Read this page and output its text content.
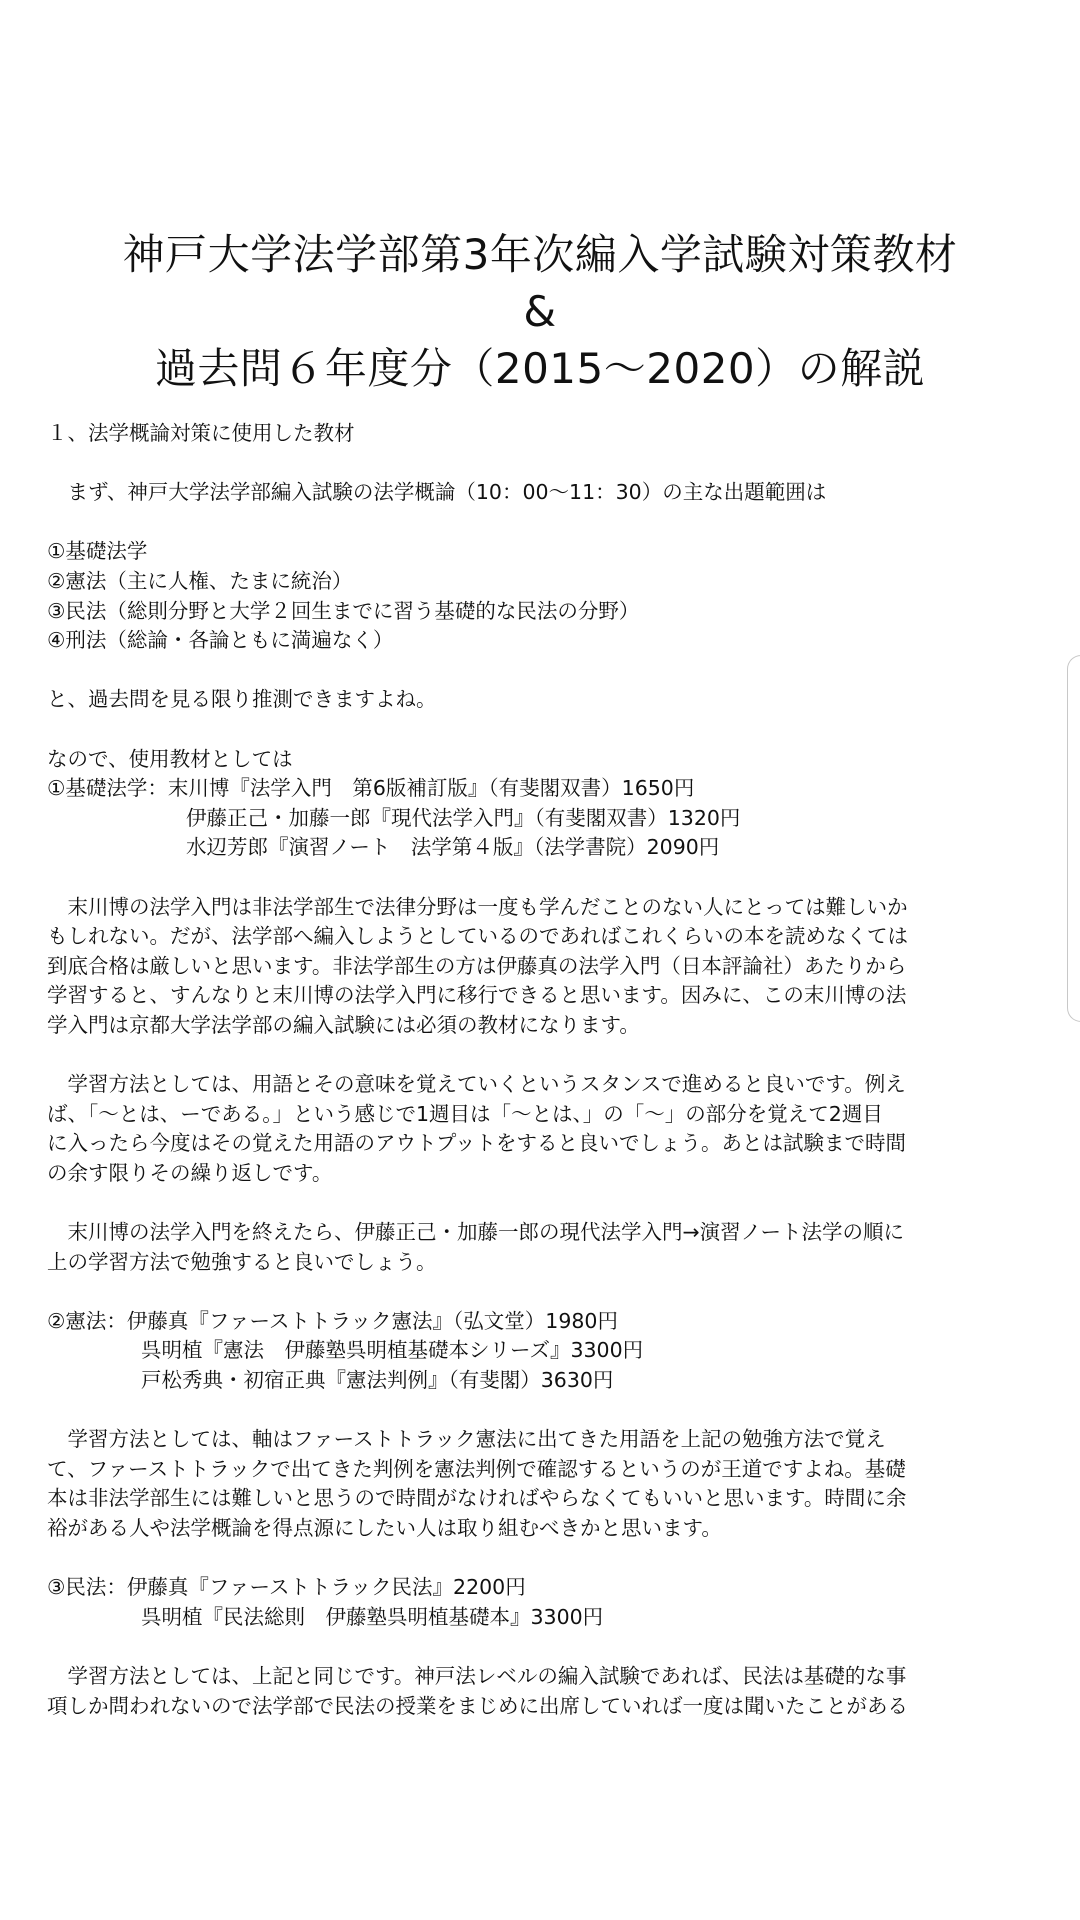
神戸大学法学部第3年次編入学試験対策教材
&
過去問６年度分（2015〜2020）の解説
１、法学概論対策に使用した教材
　まず、神戸大学法学部編入試験の法学概論（10：00〜11：30）の主な出題範囲は
①基礎法学
②憲法（主に人権、たまに統治）
③民法（総則分野と大学２回生までに習う基礎的な民法の分野）
④刑法（総論・各論ともに満遍なく）
と、過去問を見る限り推測できますよね。
なので、使用教材としては
①基礎法学：末川博『法学入門　第6版補訂版』（有斐閣双書）1650円
伊藤正己・加藤一郎『現代法学入門』（有斐閣双書）1320円
水辺芳郎『演習ノート　法学第４版』（法学書院）2090円
　末川博の法学入門は非法学部生で法律分野は一度も学んだことのない人にとっては難しいか
もしれない。だが、法学部へ編入しようとしているのであればこれくらいの本を読めなくては
到底合格は厳しいと思います。非法学部生の方は伊藤真の法学入門（日本評論社）あたりから
学習すると、すんなりと末川博の法学入門に移行できると思います。因みに、この末川博の法
学入門は京都大学法学部の編入試験には必須の教材になります。
　学習方法としては、用語とその意味を覚えていくというスタンスで進めると良いです。例え
ば、「〜とは、ーである。」という感じで1週目は「〜とは、」の「〜」の部分を覚えて2週目
に入ったら今度はその覚えた用語のアウトプットをすると良いでしょう。あとは試験まで時間
の余す限りその繰り返しです。
　末川博の法学入門を終えたら、伊藤正己・加藤一郎の現代法学入門→演習ノート法学の順に
上の学習方法で勉強すると良いでしょう。
②憲法：伊藤真『ファーストトラック憲法』（弘文堂）1980円
呉明植『憲法　伊藤塾呉明植基礎本シリーズ』3300円
戸松秀典・初宿正典『憲法判例』（有斐閣）3630円
　学習方法としては、軸はファーストトラック憲法に出てきた用語を上記の勉強方法で覚え
て、ファーストトラックで出てきた判例を憲法判例で確認するというのが王道ですよね。基礎
本は非法学部生には難しいと思うので時間がなければやらなくてもいいと思います。時間に余
裕がある人や法学概論を得点源にしたい人は取り組むべきかと思います。
③民法：伊藤真『ファーストトラック民法』2200円
呉明植『民法総則　伊藤塾呉明植基礎本』3300円
　学習方法としては、上記と同じです。神戸法レベルの編入試験であれば、民法は基礎的な事
項しか問われないので法学部で民法の授業をまじめに出席していれば一度は聞いたことがある
